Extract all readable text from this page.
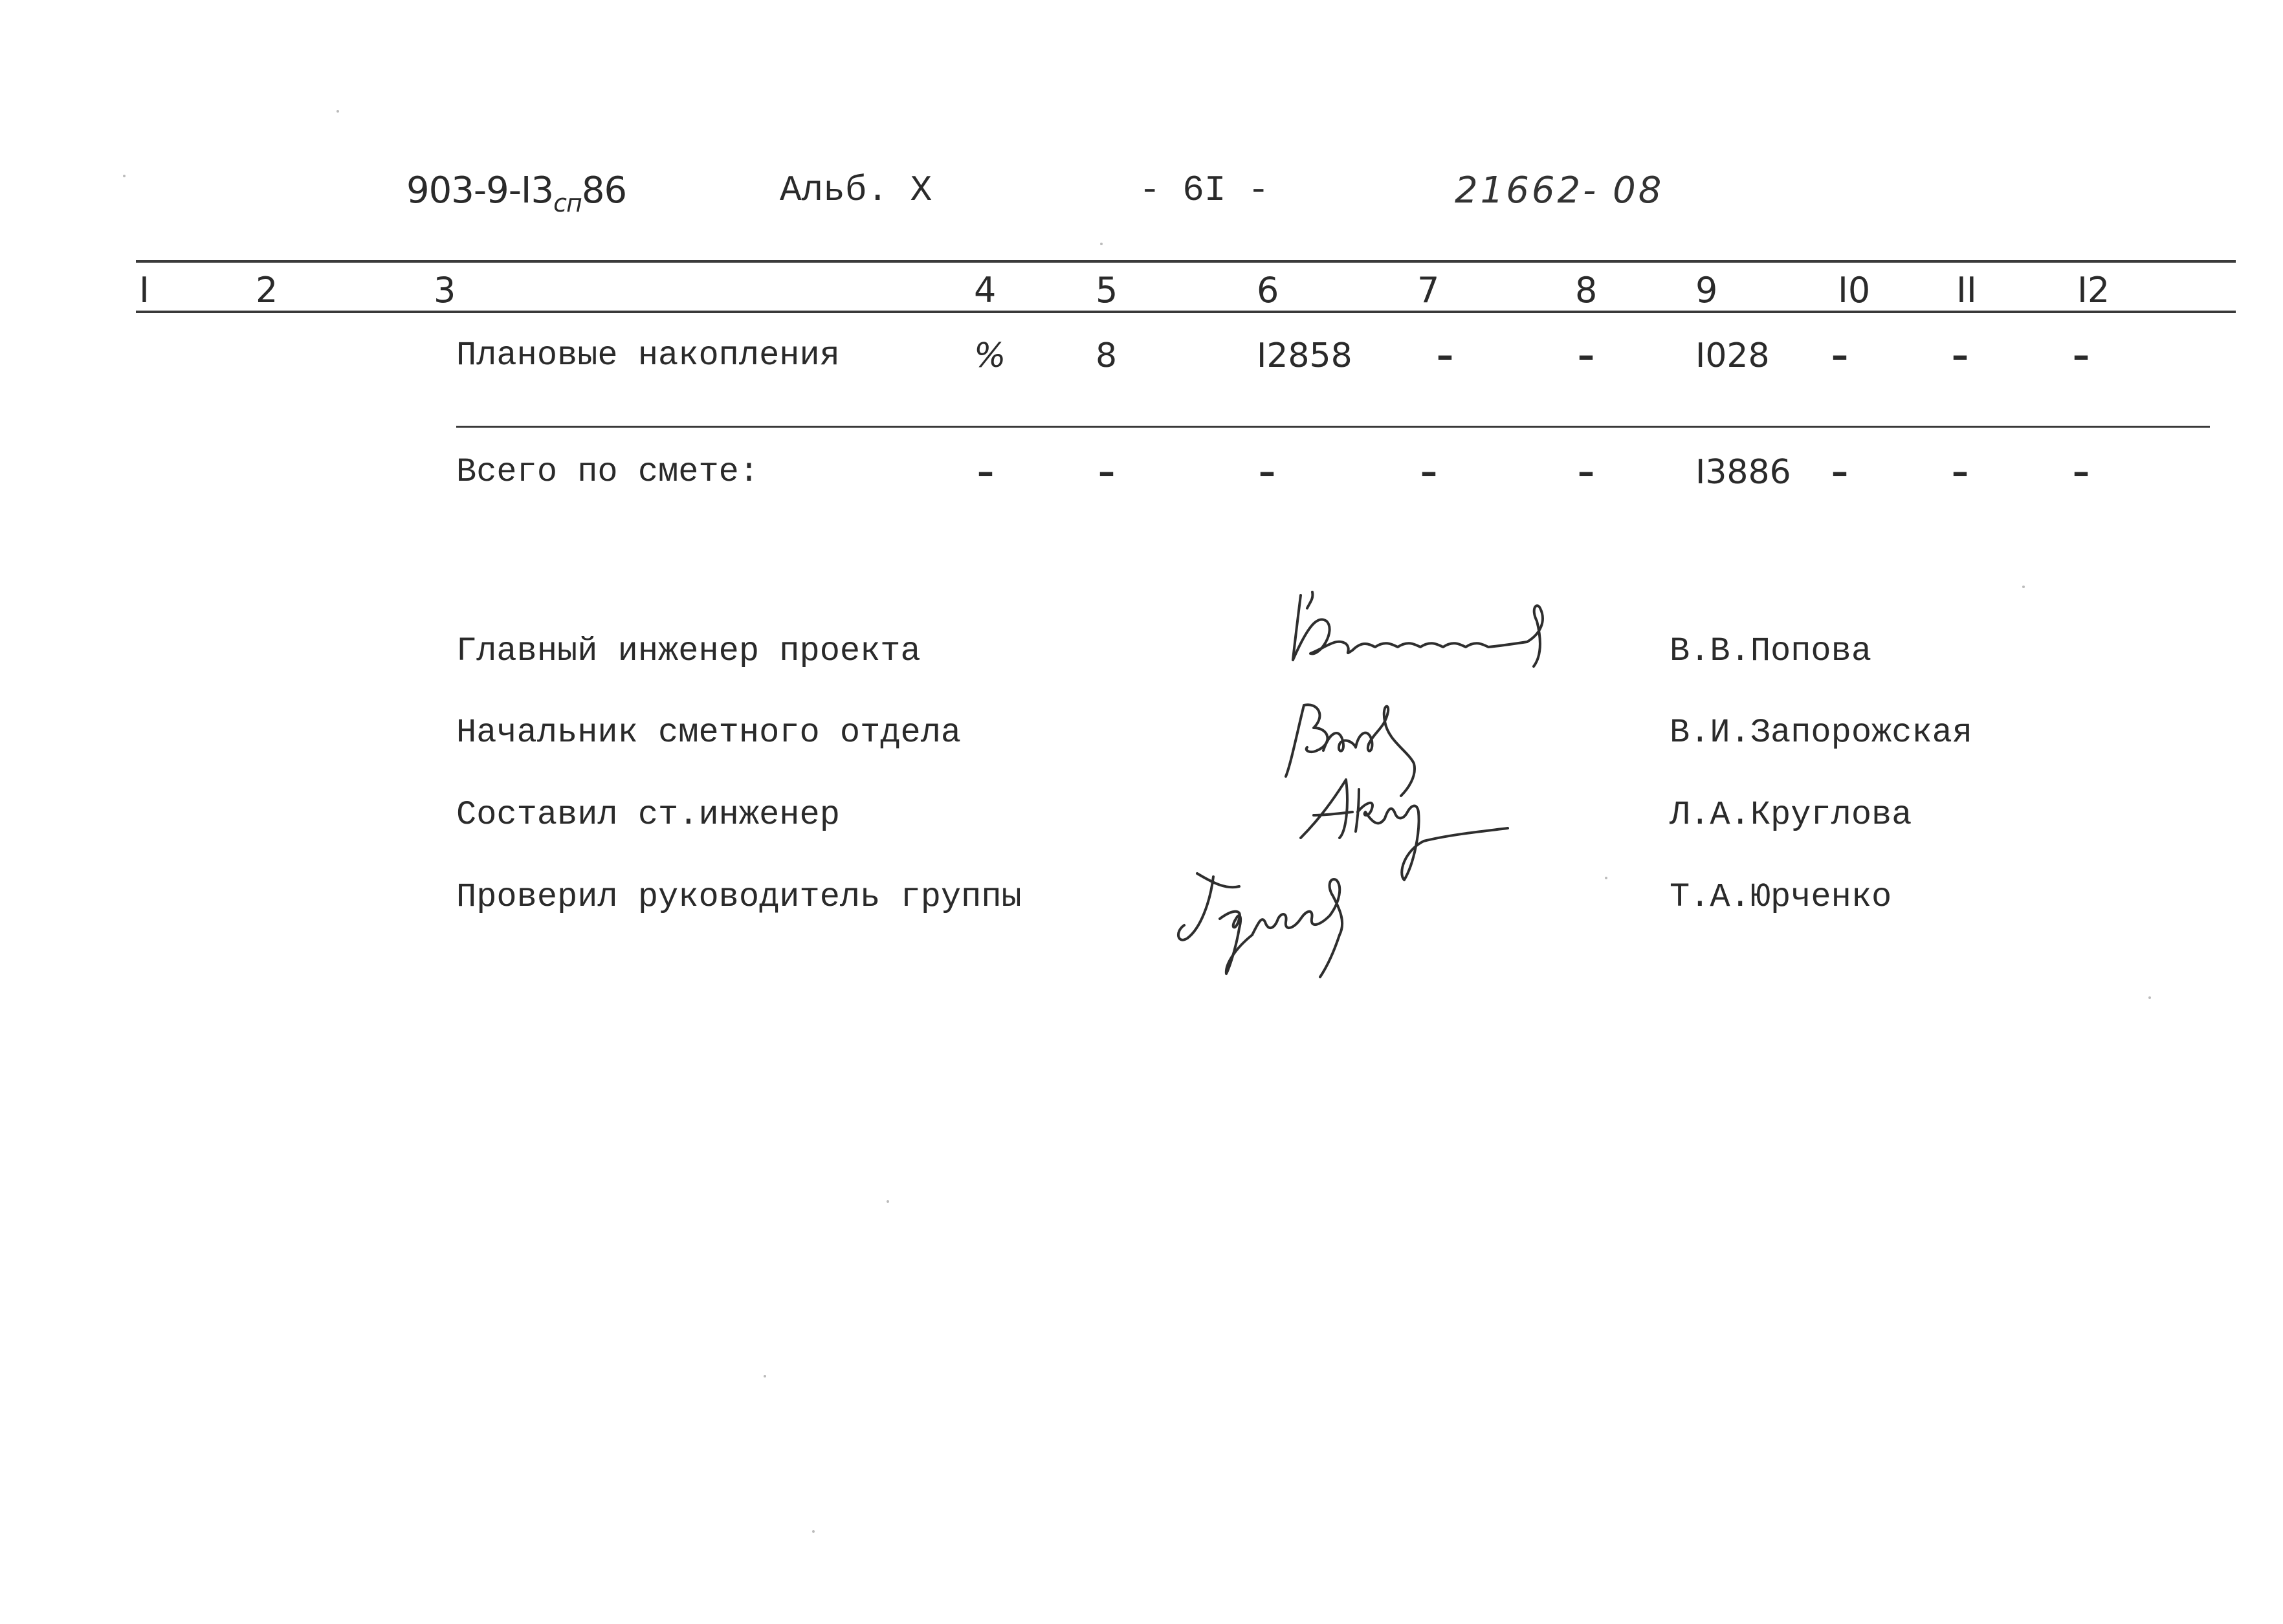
$903-9-I3_{сп}86$	Альб. X	- 6I -	21662- 08
I	2	3	4	5	6	7	8	9	I0 II	I2
Плановые накопления	%	8	I2858	–	–	I028 –	–	–
Всего по смете:	–	–	–	–	–	I3886 –	–	–
Главный инженер проекта	В.В.Попова
Начальник сметного отдела	В.И.Запорожская
Составил ст.инженер	Л.А.Круглова
Проверил руководитель группы	Т.А.Юрченко
